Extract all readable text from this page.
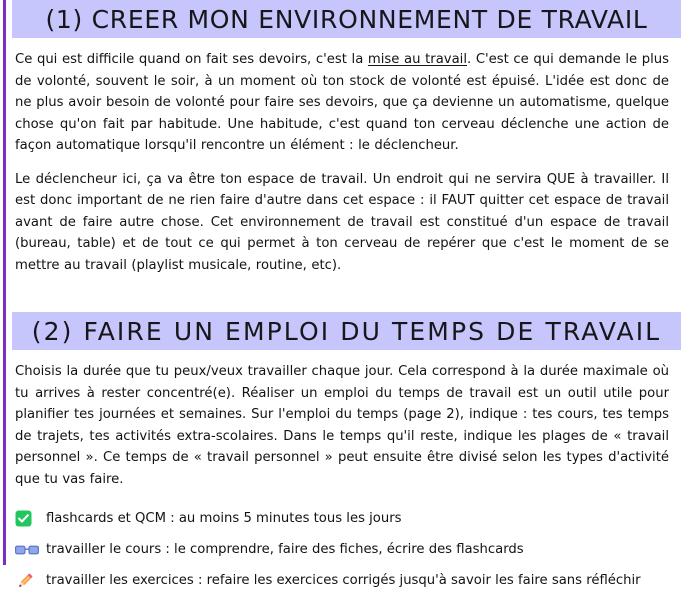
(1) CREER MON ENVIRONNEMENT DE TRAVAIL

Ce qui est difficile quand on fait ses devoirs, c'est la mise au travail. C'est ce qui demande le plus de volonté, souvent le soir, à un moment où ton stock de volonté est épuisé. L'idée est donc de ne plus avoir besoin de volonté pour faire ses devoirs, que ça devienne un automatisme, quelque chose qu'on fait par habitude. Une habitude, c'est quand ton cerveau déclenche une action de façon automatique lorsqu'il rencontre un élément : le déclencheur.

Le déclencheur ici, ça va être ton espace de travail. Un endroit qui ne servira QUE à travailler. Il est donc important de ne rien faire d'autre dans cet espace : il FAUT quitter cet espace de travail avant de faire autre chose. Cet environnement de travail est constitué d'un espace de travail (bureau, table) et de tout ce qui permet à ton cerveau de repérer que c'est le moment de se mettre au travail (playlist musicale, routine, etc).

(2) FAIRE UN EMPLOI DU TEMPS DE TRAVAIL

Choisis la durée que tu peux/veux travailler chaque jour. Cela correspond à la durée maximale où tu arrives à rester concentré(e). Réaliser un emploi du temps de travail est un outil utile pour planifier tes journées et semaines. Sur l'emploi du temps (page 2), indique : tes cours, tes temps de trajets, tes activités extra-scolaires. Dans le temps qu'il reste, indique les plages de « travail personnel ». Ce temps de « travail personnel » peut ensuite être divisé selon les types d'activité que tu vas faire.

flashcards et QCM : au moins 5 minutes tous les jours
travailler le cours : le comprendre, faire des fiches, écrire des flashcards
travailler les exercices : refaire les exercices corrigés jusqu'à savoir les faire sans réfléchir
